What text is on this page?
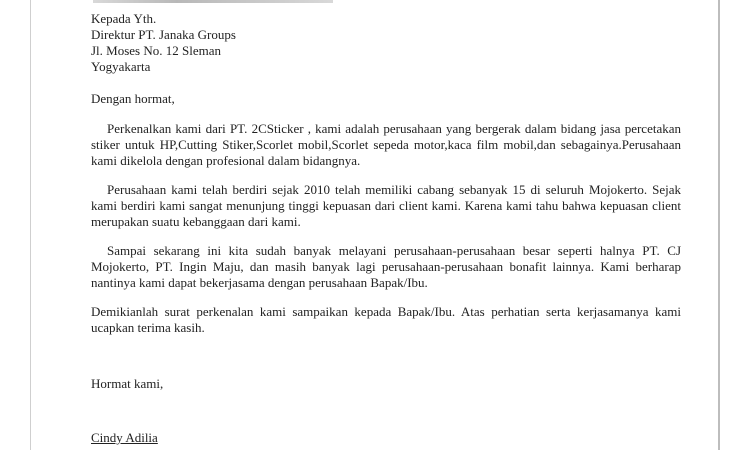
Kepada Yth.

Direktur PT. Janaka Groups

Jl. Moses No. 12 Sleman

Yogyakarta

Dengan hormat,

Perkenalkan kami dari PT. 2CSticker , kami adalah perusahaan yang bergerak dalam bidang jasa percetakan stiker untuk HP,Cutting Stiker,Scorlet mobil,Scorlet sepeda motor,kaca film mobil,dan sebagainya.Perusahaan kami dikelola dengan profesional dalam bidangnya.

Perusahaan kami telah berdiri sejak 2010 telah memiliki cabang sebanyak 15 di seluruh Mojokerto. Sejak kami berdiri kami sangat menunjung tinggi kepuasan dari client kami. Karena kami tahu bahwa kepuasan client merupakan suatu kebanggaan dari kami.

Sampai sekarang ini kita sudah banyak melayani perusahaan-perusahaan besar seperti halnya PT. CJ Mojokerto, PT. Ingin Maju, dan masih banyak lagi perusahaan-perusahaan bonafit lainnya. Kami berharap nantinya kami dapat bekerjasama dengan perusahaan Bapak/Ibu.

Demikianlah surat perkenalan kami sampaikan kepada Bapak/Ibu. Atas perhatian serta kerjasamanya kami ucapkan terima kasih.

Hormat kami,

Cindy Adilia
